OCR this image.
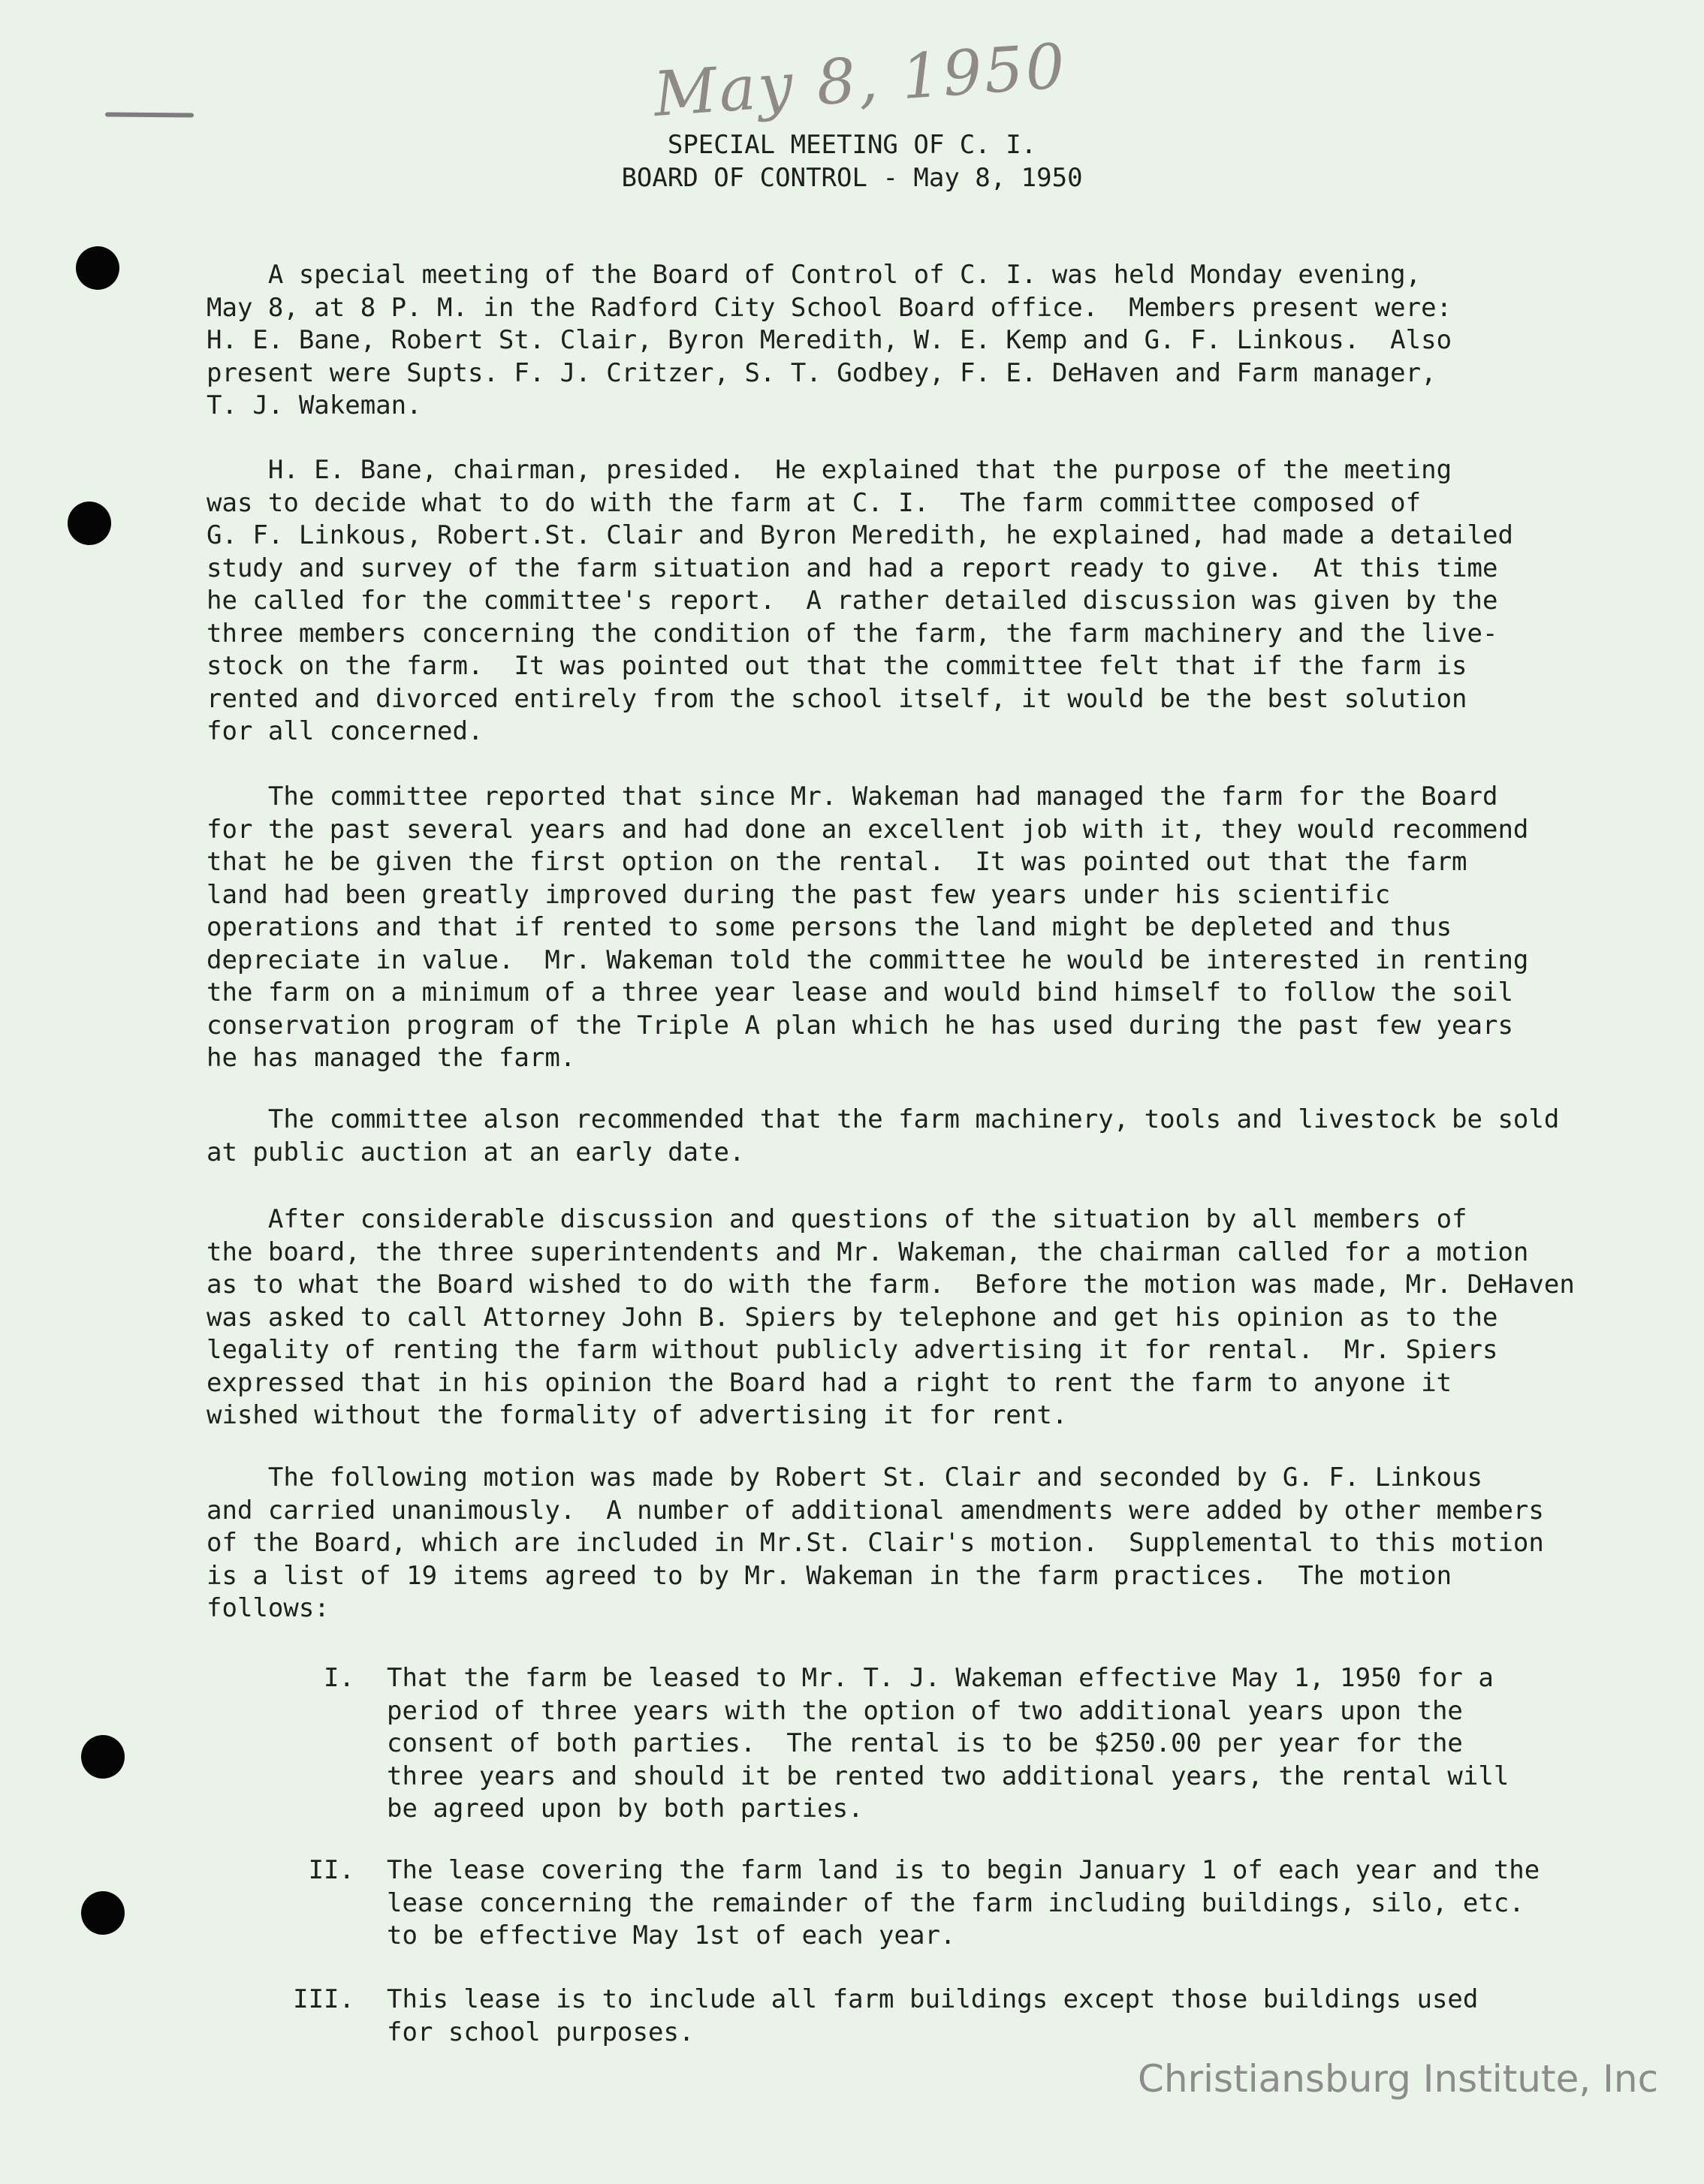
May 8, 1950
SPECIAL MEETING OF C. I.
BOARD OF CONTROL - May 8, 1950

A special meeting of the Board of Control of C. I. was held Monday evening,
May 8, at 8 P. M. in the Radford City School Board office.  Members present were:
H. E. Bane, Robert St. Clair, Byron Meredith, W. E. Kemp and G. F. Linkous.  Also
present were Supts. F. J. Critzer, S. T. Godbey, F. E. DeHaven and Farm manager,
T. J. Wakeman.

H. E. Bane, chairman, presided.  He explained that the purpose of the meeting
was to decide what to do with the farm at C. I.  The farm committee composed of
G. F. Linkous, Robert.St. Clair and Byron Meredith, he explained, had made a detailed
study and survey of the farm situation and had a report ready to give.  At this time
he called for the committee's report.  A rather detailed discussion was given by the
three members concerning the condition of the farm, the farm machinery and the live-
stock on the farm.  It was pointed out that the committee felt that if the farm is
rented and divorced entirely from the school itself, it would be the best solution
for all concerned.

The committee reported that since Mr. Wakeman had managed the farm for the Board
for the past several years and had done an excellent job with it, they would recommend
that he be given the first option on the rental.  It was pointed out that the farm
land had been greatly improved during the past few years under his scientific
operations and that if rented to some persons the land might be depleted and thus
depreciate in value.  Mr. Wakeman told the committee he would be interested in renting
the farm on a minimum of a three year lease and would bind himself to follow the soil
conservation program of the Triple A plan which he has used during the past few years
he has managed the farm.

The committee alson recommended that the farm machinery, tools and livestock be sold
at public auction at an early date.

After considerable discussion and questions of the situation by all members of
the board, the three superintendents and Mr. Wakeman, the chairman called for a motion
as to what the Board wished to do with the farm.  Before the motion was made, Mr. DeHaven
was asked to call Attorney John B. Spiers by telephone and get his opinion as to the
legality of renting the farm without publicly advertising it for rental.  Mr. Spiers
expressed that in his opinion the Board had a right to rent the farm to anyone it
wished without the formality of advertising it for rent.

The following motion was made by Robert St. Clair and seconded by G. F. Linkous
and carried unanimously.  A number of additional amendments were added by other members
of the Board, which are included in Mr.St. Clair's motion.  Supplemental to this motion
is a list of 19 items agreed to by Mr. Wakeman in the farm practices.  The motion
follows:

I. That the farm be leased to Mr. T. J. Wakeman effective May 1, 1950 for a
period of three years with the option of two additional years upon the
consent of both parties.  The rental is to be $250.00 per year for the
three years and should it be rented two additional years, the rental will
be agreed upon by both parties.

II. The lease covering the farm land is to begin January 1 of each year and the
lease concerning the remainder of the farm including buildings, silo, etc.
to be effective May 1st of each year.

III. This lease is to include all farm buildings except those buildings used
for school purposes.

Christiansburg Institute, Inc
